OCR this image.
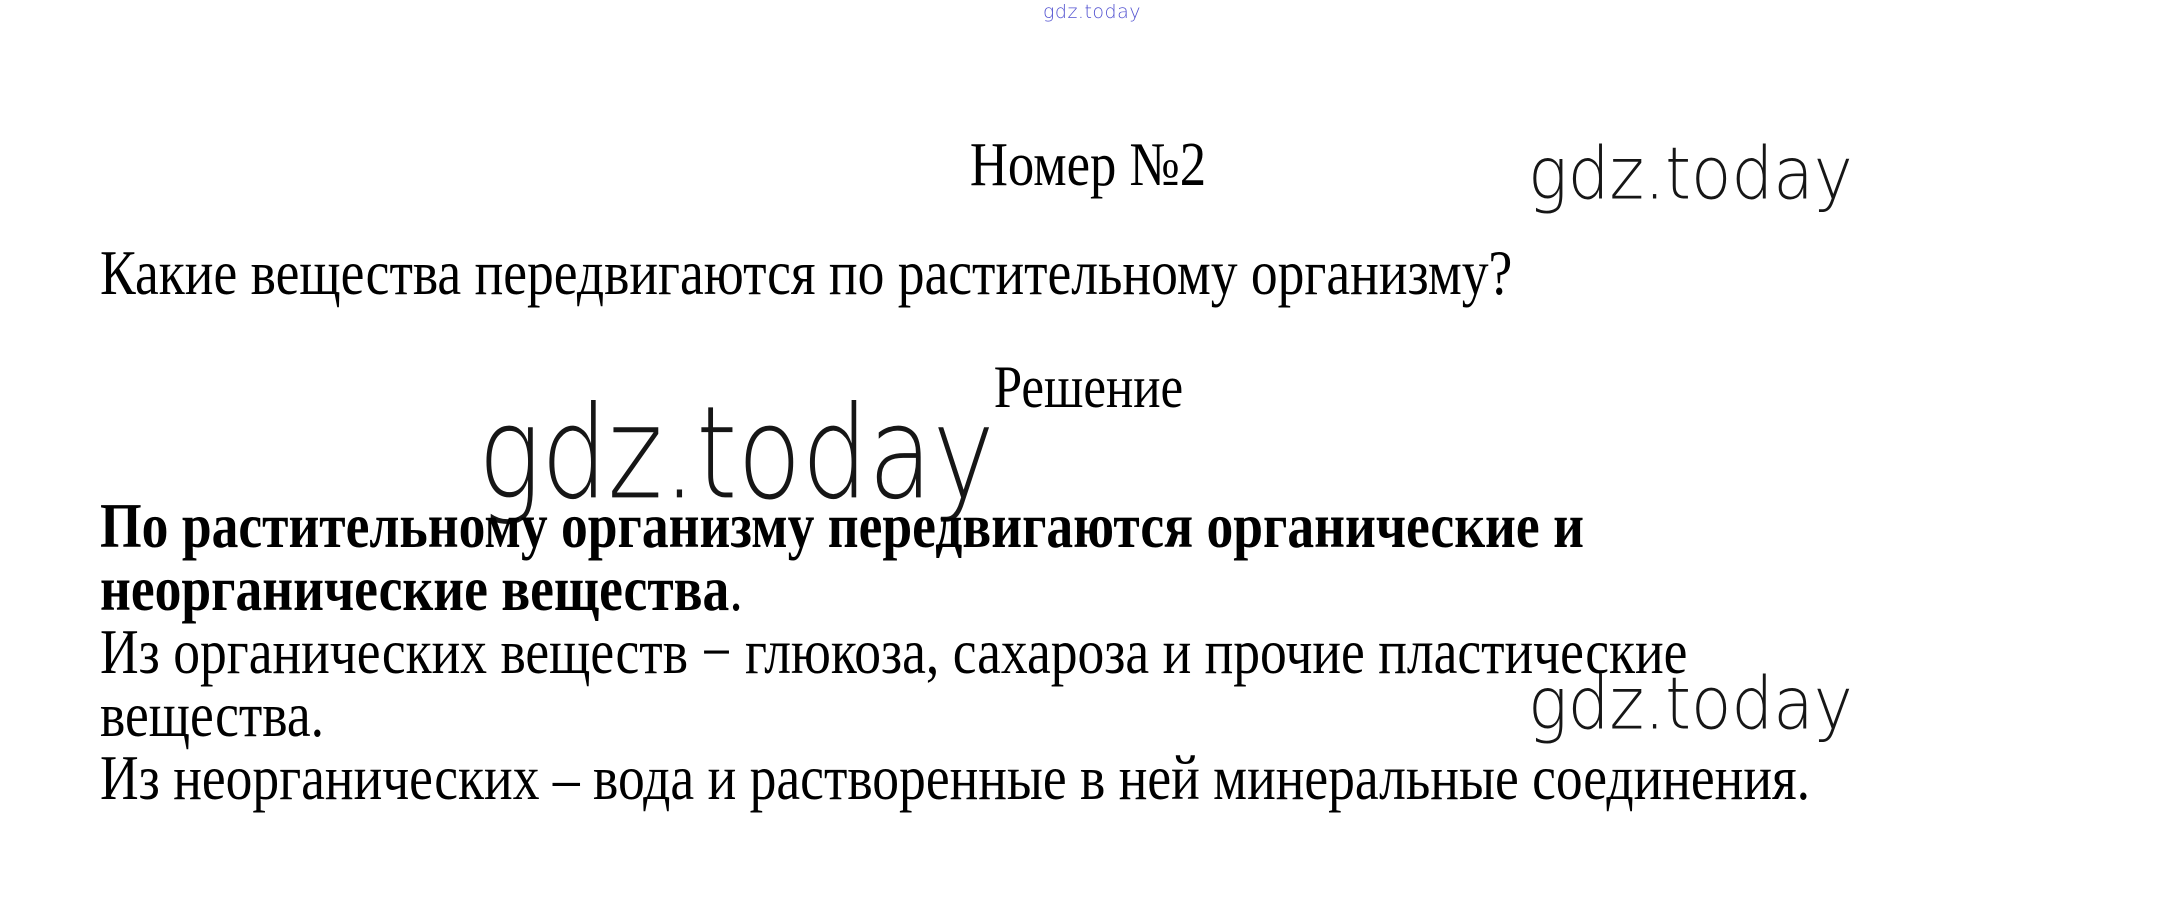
gdz.today
Номер №2	gdz.today
Какие вещества передвигаются по растительному организму?
Решение
gdz.today
По растительному организму передвигаются органические и
неорганические вещества.
Из органических веществ − глюкоза, сахароза и прочие пластические
вещества.
Из неорганических – вода и растворенные в ней минеральные соединения.
gdz.today
